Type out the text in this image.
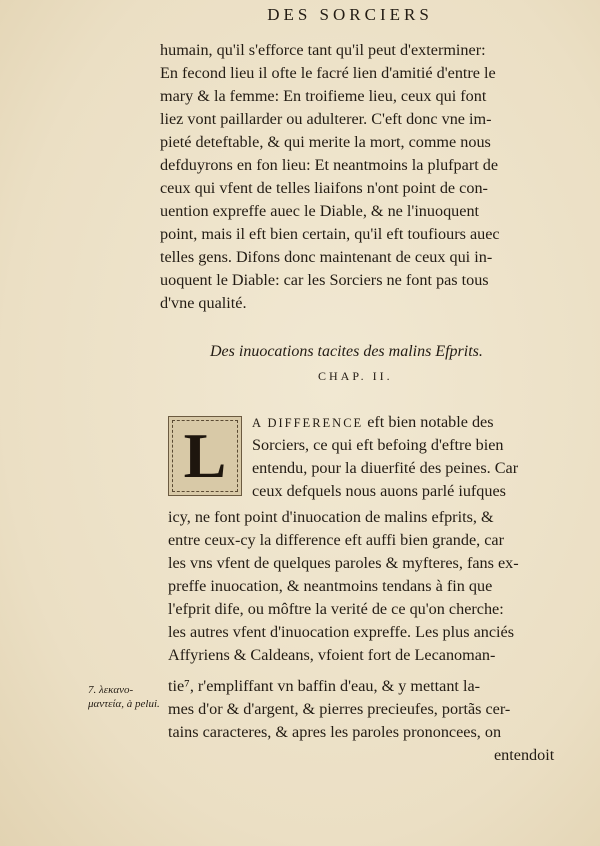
DES SORCIERS
humain, qu'il s'efforce tant qu'il peut d'exterminer:
En fecond lieu il ofte le facré lien d'amitié d'entre le
mary & la femme: En troifieme lieu, ceux qui font
liez vont paillarder ou adulterer. C'eft donc vne im-
pieté deteftable, & qui merite la mort, comme nous
defduyrons en fon lieu: Et neantmoins la plufpart de
ceux qui vfent de telles liaifons n'ont point de con-
uention expreffe auec le Diable, & ne l'inuoquent
point, mais il eft bien certain, qu'il eft toufiours auec
telles gens. Difons donc maintenant de ceux qui in-
uoquent le Diable: car les Sorciers ne font pas tous
d'vne qualité.
Des inuocations tacites des malins Efprits.
CHAP. II.
L	A DIFFERENCE eft bien notable des
Sorciers, ce qui eft befoing d'eftre bien
entendu, pour la diuerfité des peines. Car
ceux defquels nous auons parlé iufques
icy, ne font point d'inuocation de malins efprits, &
entre ceux-cy la difference eft auffi bien grande, car
les vns vfent de quelques paroles & myfteres, fans ex-
preffe inuocation, & neantmoins tendans à fin que
l'efprit dife, ou môftre la verité de ce qu'on cherche:
les autres vfent d'inuocation expreffe. Les plus anciés
Affyriens & Caldeans, vfoient fort de Lecanoman-
tie⁷, r'empliffant vn baffin d'eau, & y mettant la-
mes d'or & d'argent, & pierres precieufes, portãs cer-
tains caracteres, & apres les paroles prononcees, on
entendoit
7. λεκανο-μαντεία, à pelui.
